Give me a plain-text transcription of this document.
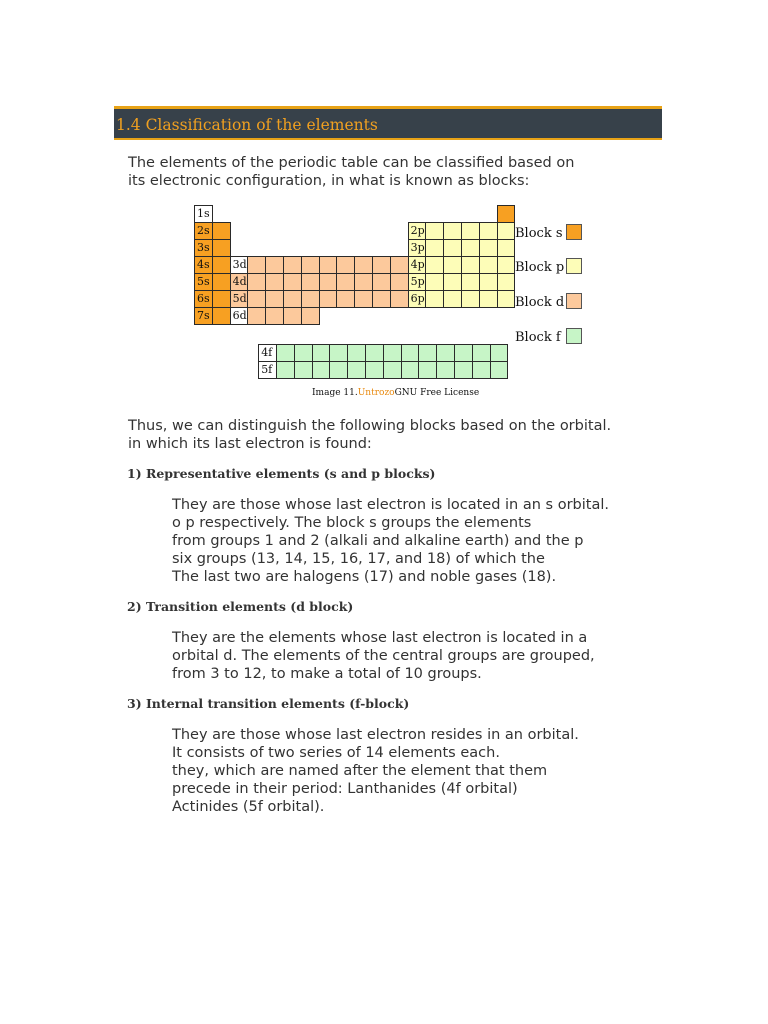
1.4 Classification of the elements
The elements of the periodic table can be classified based on
its electronic configuration, in what is known as blocks:
1s
2s
3s
4s
5s
6s
7s
2p
3p
4p
5p
6p
3d
4d
5d
6d
4f
5f
Block s
Block p
Block d
Block f
Image 11.UntrozoGNU Free License
Thus, we can distinguish the following blocks based on the orbital.
in which its last electron is found:
1) Representative elements (s and p blocks)
They are those whose last electron is located in an s orbital.
o p respectively. The block s groups the elements
from groups 1 and 2 (alkali and alkaline earth) and the p
six groups (13, 14, 15, 16, 17, and 18) of which the
The last two are halogens (17) and noble gases (18).
2) Transition elements (d block)
They are the elements whose last electron is located in a
orbital d. The elements of the central groups are grouped,
from 3 to 12, to make a total of 10 groups.
3) Internal transition elements (f-block)
They are those whose last electron resides in an orbital.
It consists of two series of 14 elements each.
they, which are named after the element that them
precede in their period: Lanthanides (4f orbital)
Actinides (5f orbital).
